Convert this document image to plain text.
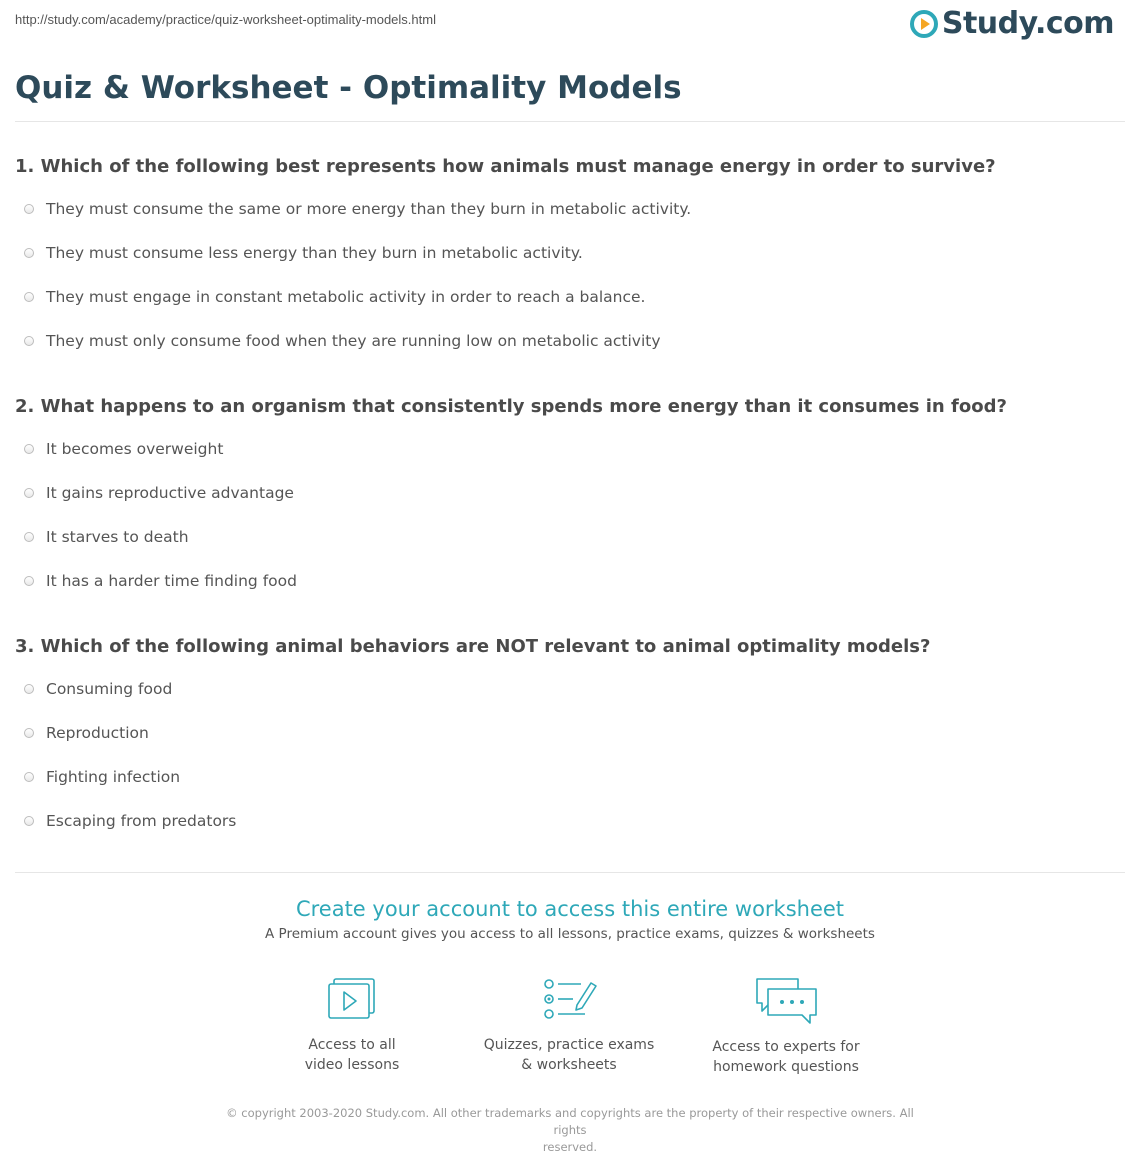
http://study.com/academy/practice/quiz-worksheet-optimality-models.html	Study.com
Quiz & Worksheet - Optimality Models
1. Which of the following best represents how animals must manage energy in order to survive?
They must consume the same or more energy than they burn in metabolic activity.
They must consume less energy than they burn in metabolic activity.
They must engage in constant metabolic activity in order to reach a balance.
They must only consume food when they are running low on metabolic activity
2. What happens to an organism that consistently spends more energy than it consumes in food?
It becomes overweight
It gains reproductive advantage
It starves to death
It has a harder time finding food
3. Which of the following animal behaviors are NOT relevant to animal optimality models?
Consuming food
Reproduction
Fighting infection
Escaping from predators
Create your account to access this entire worksheet
A Premium account gives you access to all lessons, practice exams, quizzes & worksheets
Access to all
video lessons
Quizzes, practice exams
& worksheets
Access to experts for
homework questions
© copyright 2003-2020 Study.com. All other trademarks and copyrights are the property of their respective owners. All rights
reserved.
